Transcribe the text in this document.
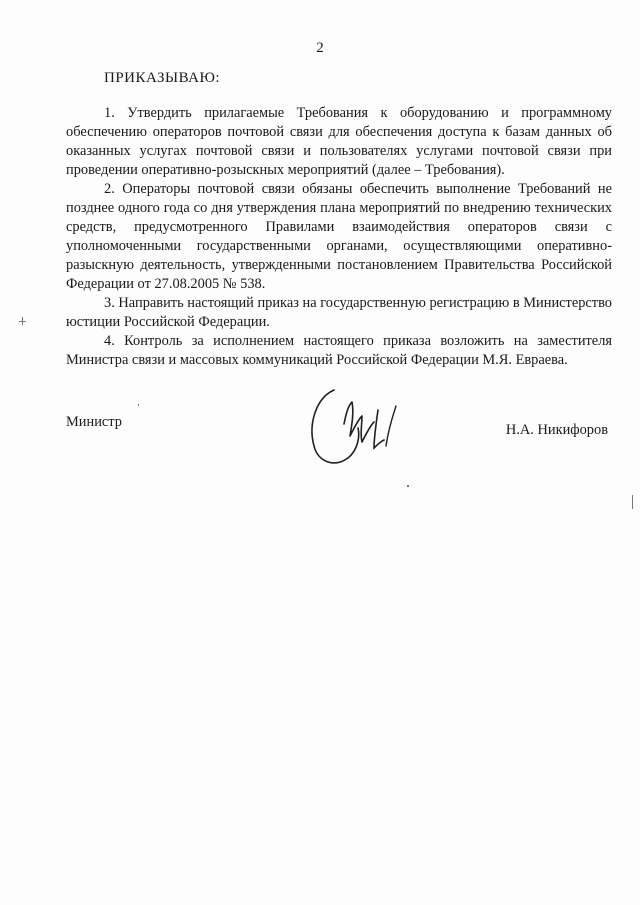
2
ПРИКАЗЫВАЮ:

1. Утвердить прилагаемые Требования к оборудованию и программному обеспечению операторов почтовой связи для обеспечения доступа к базам данных об оказанных услугах почтовой связи и пользователях услугами почтовой связи при проведении оперативно-розыскных мероприятий (далее – Требования).

2. Операторы почтовой связи обязаны обеспечить выполнение Требований не позднее одного года со дня утверждения плана мероприятий по внедрению технических средств, предусмотренного Правилами взаимодействия операторов связи с уполномоченными государственными органами, осуществляющими оперативно-разыскную деятельность, утвержденными постановлением Правительства Российской Федерации от 27.08.2005 № 538.

3. Направить настоящий приказ на государственную регистрацию в Министерство юстиции Российской Федерации.

4. Контроль за исполнением настоящего приказа возложить на заместителя Министра связи и массовых коммуникаций Российской Федерации М.Я. Евраева.

Министр	Н.А. Никифоров
